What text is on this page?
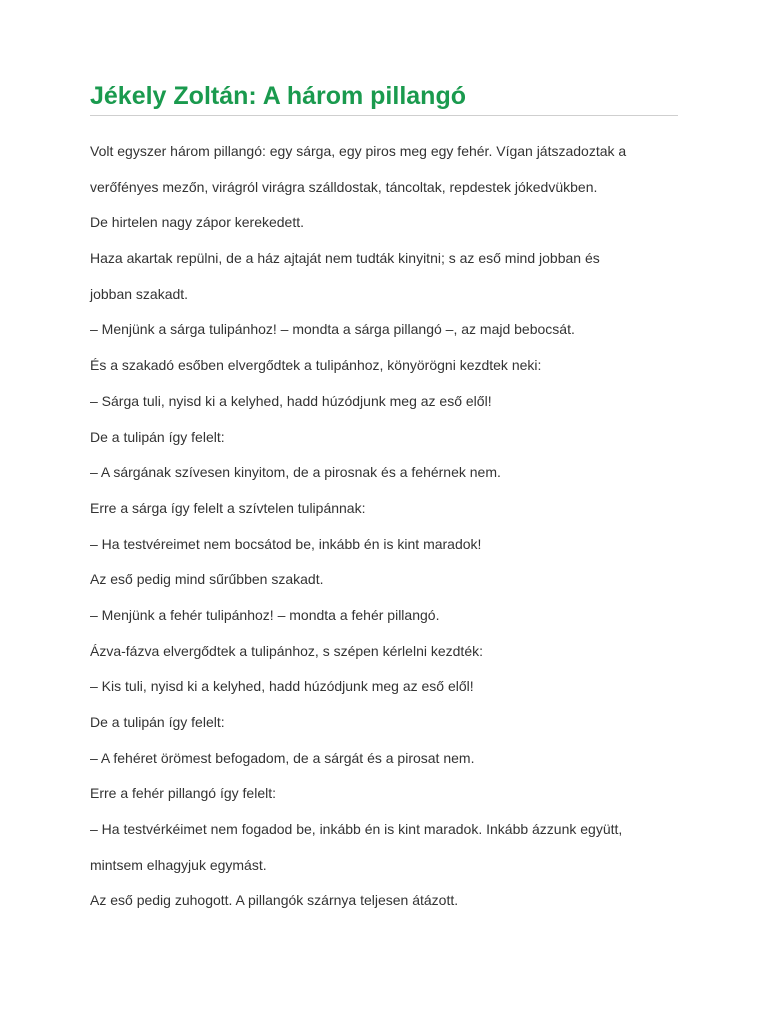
Jékely Zoltán: A három pillangó
Volt egyszer három pillangó: egy sárga, egy piros meg egy fehér. Vígan játszadoztak a
verőfényes mezőn, virágról virágra szálldostak, táncoltak, repdestek jókedvükben.
De hirtelen nagy zápor kerekedett.
Haza akartak repülni, de a ház ajtaját nem tudták kinyitni; s az eső mind jobban és
jobban szakadt.
– Menjünk a sárga tulipánhoz! – mondta a sárga pillangó –, az majd bebocsát.
És a szakadó esőben elvergődtek a tulipánhoz, könyörögni kezdtek neki:
– Sárga tuli, nyisd ki a kelyhed, hadd húzódjunk meg az eső elől!
De a tulipán így felelt:
– A sárgának szívesen kinyitom, de a pirosnak és a fehérnek nem.
Erre a sárga így felelt a szívtelen tulipánnak:
– Ha testvéreimet nem bocsátod be, inkább én is kint maradok!
Az eső pedig mind sűrűbben szakadt.
– Menjünk a fehér tulipánhoz! – mondta a fehér pillangó.
Ázva-fázva elvergődtek a tulipánhoz, s szépen kérlelni kezdték:
– Kis tuli, nyisd ki a kelyhed, hadd húzódjunk meg az eső elől!
De a tulipán így felelt:
– A fehéret örömest befogadom, de a sárgát és a pirosat nem.
Erre a fehér pillangó így felelt:
– Ha testvérkéimet nem fogadod be, inkább én is kint maradok. Inkább ázzunk együtt,
mintsem elhagyjuk egymást.
Az eső pedig zuhogott. A pillangók szárnya teljesen átázott.
